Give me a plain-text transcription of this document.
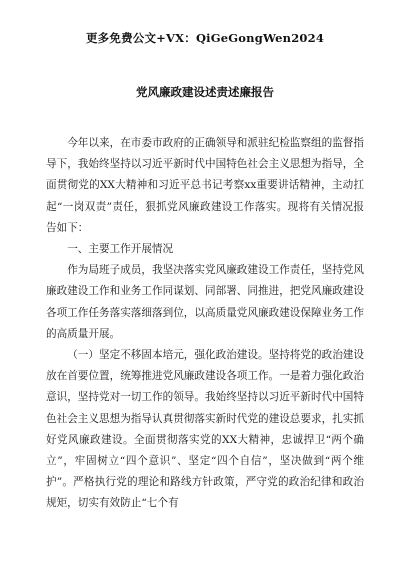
更多免费公文+VX：QiGeGongWen2024

党风廉政建设述责述廉报告

今年以来，在市委市政府的正确领导和派驻纪检监察组的监督指导下，我始终坚持以习近平新时代中国特色社会主义思想为指导，全面贯彻党的XX大精神和习近平总书记考察xx重要讲话精神，主动扛起“一岗双责”责任，狠抓党风廉政建设工作落实。现将有关情况报告如下：

一、主要工作开展情况

作为局班子成员，我坚决落实党风廉政建设工作责任，坚持党风廉政建设工作和业务工作同谋划、同部署、同推进，把党风廉政建设各项工作任务落实落细落到位，以高质量党风廉政建设保障业务工作的高质量开展。

（一）坚定不移固本培元，强化政治建设。坚持将党的政治建设放在首要位置，统筹推进党风廉政建设各项工作。一是着力强化政治意识，坚持党对一切工作的领导。我始终坚持以习近平新时代中国特色社会主义思想为指导认真贯彻落实新时代党的建设总要求，扎实抓好党风廉政建设。全面贯彻落实党的XX大精神，忠诚捍卫“两个确立”，牢固树立“四个意识”、坚定“四个自信”，坚决做到“两个维护”。严格执行党的理论和路线方针政策，严守党的政治纪律和政治规矩，切实有效防止“七个有
